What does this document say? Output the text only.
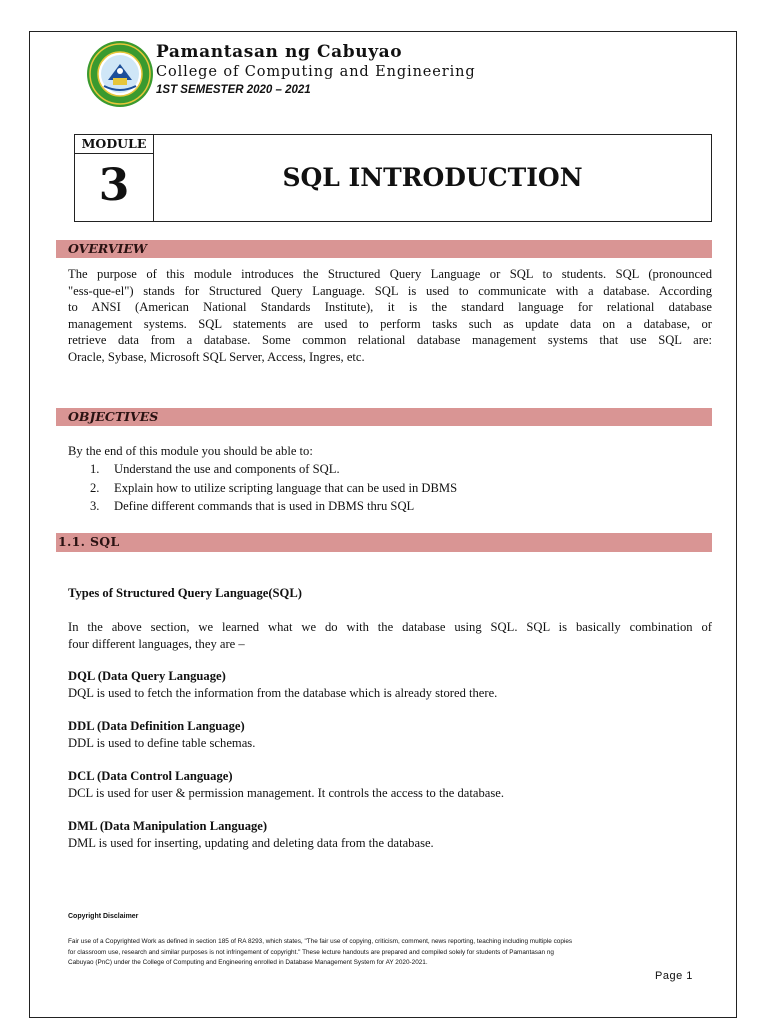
Pamantasan ng Cabuyao
College of Computing and Engineering
1ST SEMESTER 2020 – 2021
MODULE
3	SQL INTRODUCTION
OVERVIEW
The purpose of this module introduces the Structured Query Language or SQL to students. SQL (pronounced
"ess-que-el") stands for Structured Query Language. SQL is used to communicate with a database. According
to ANSI (American National Standards Institute), it is the standard language for relational database
management systems. SQL statements are used to perform tasks such as update data on a database, or
retrieve data from a database. Some common relational database management systems that use SQL are:
Oracle, Sybase, Microsoft SQL Server, Access, Ingres, etc.
OBJECTIVES
By the end of this module you should be able to:
1. Understand the use and components of SQL.
2. Explain how to utilize scripting language that can be used in DBMS
3. Define different commands that is used in DBMS thru SQL
1.1. SQL
Types of Structured Query Language(SQL)
In the above section, we learned what we do with the database using SQL. SQL is basically combination of
four different languages, they are –
DQL (Data Query Language)
DQL is used to fetch the information from the database which is already stored there.
DDL (Data Definition Language)
DDL is used to define table schemas.
DCL (Data Control Language)
DCL is used for user & permission management. It controls the access to the database.
DML (Data Manipulation Language)
DML is used for inserting, updating and deleting data from the database.
Copyright Disclaimer
Fair use of a Copyrighted Work as defined in section 185 of RA 8293, which states, "The fair use of copying, criticism, comment, news reporting, teaching including multiple copies
for classroom use, research and similar purposes is not infringement of copyright." These lecture handouts are prepared and compiled solely for students of Pamantasan ng
Cabuyao (PnC) under the College of Computing and Engineering enrolled in Database Management System for AY 2020-2021.
Page 1
